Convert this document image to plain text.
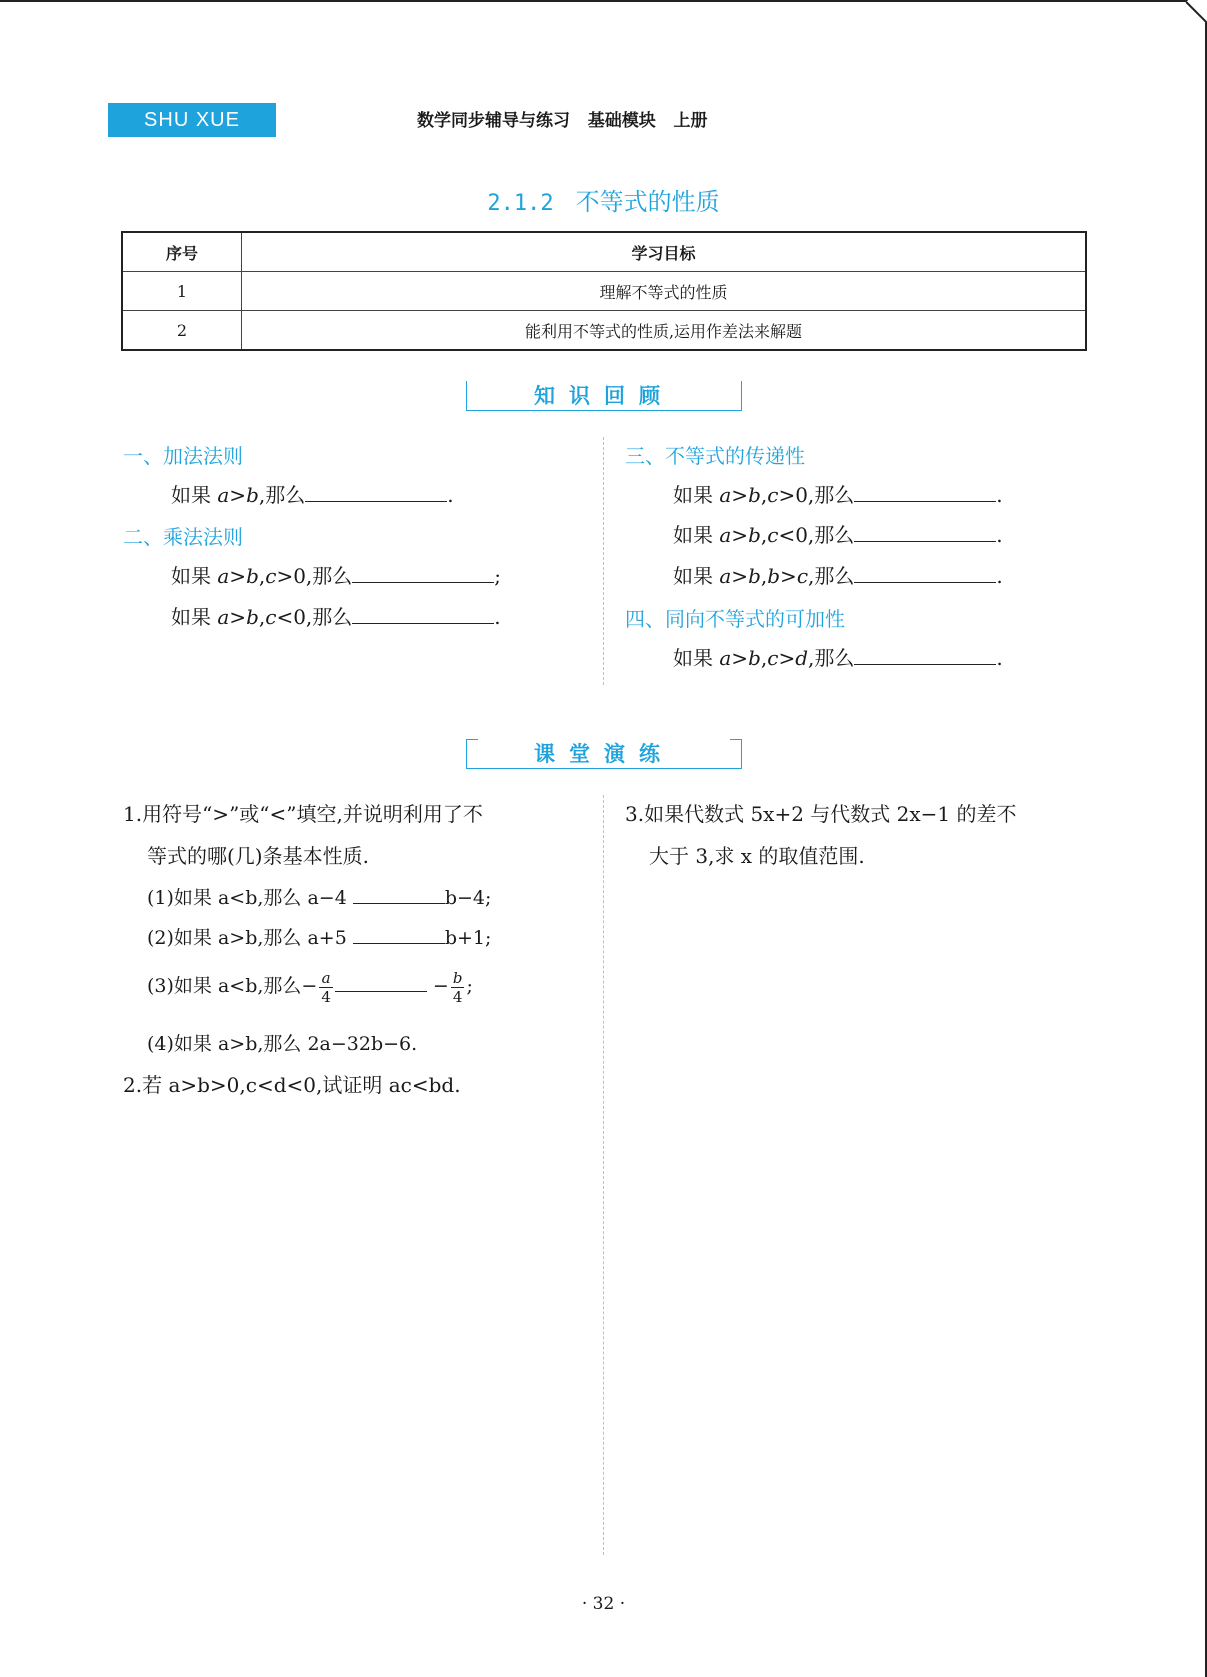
SHU XUE	数学同步辅导与练习   基础模块   上册
2.1.2 不等式的性质
序号	学习目标
1	理解不等式的性质
2	能利用不等式的性质,运用作差法来解题
知识回顾
一、加法法则
如果 a>b,那么	.
二、乘法法则
如果 a>b,c>0,那么	;
如果 a>b,c<0,那么	.
三、不等式的传递性
如果 a>b,c>0,那么	.
如果 a>b,c<0,那么	.
如果 a>b,b>c,那么	.
四、同向不等式的可加性
如果 a>b,c>d,那么	.
课堂演练
1.用符号“>”或“<”填空,并说明利用了不
等式的哪(几)条基本性质.
(1)如果 a<b,那么 a−4	b−4;
(2)如果 a>b,那么 a+5	b+1;
(3)如果 a<b,那么− $\frac{a}{4}$	− $\frac{b}{4}$ ;
(4)如果 a>b,那么 2a−32b−6.
2.若 a>b>0,c<d<0,试证明 ac<bd.
3.如果代数式 5x+2 与代数式 2x−1 的差不
大于 3,求 x 的取值范围.
· 32 ·
